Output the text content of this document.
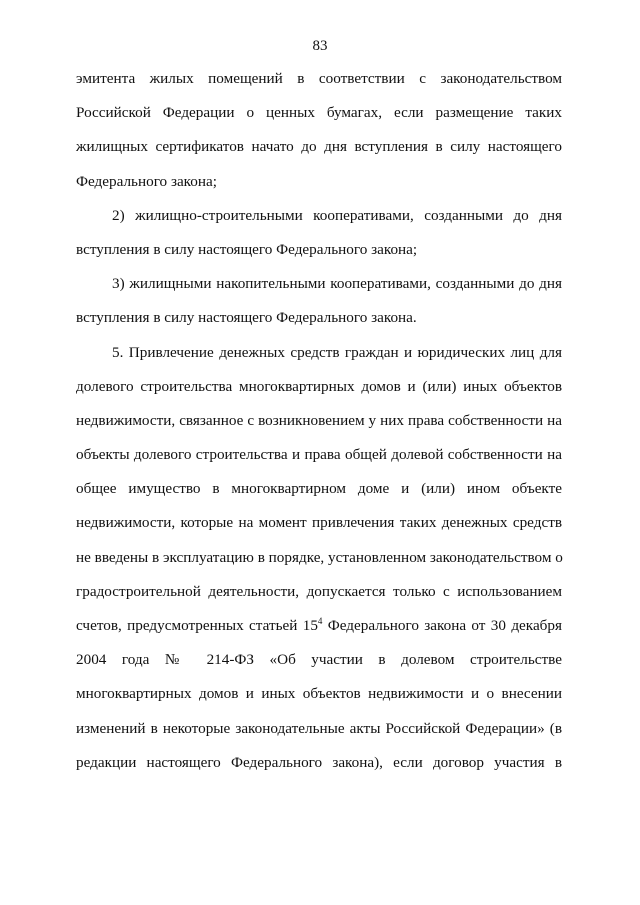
83
эмитента жилых помещений в соответствии с законодательством
Российской Федерации о ценных бумагах, если размещение таких
жилищных сертификатов начато до дня вступления в силу настоящего
Федерального закона;
2) жилищно-строительными кооперативами, созданными до дня
вступления в силу настоящего Федерального закона;
3) жилищными накопительными кооперативами, созданными до дня
вступления в силу настоящего Федерального закона.
5. Привлечение денежных средств граждан и юридических лиц для
долевого строительства многоквартирных домов и (или) иных объектов
недвижимости, связанное с возникновением у них права собственности на
объекты долевого строительства и права общей долевой собственности на
общее имущество в многоквартирном доме и (или) ином объекте
недвижимости, которые на момент привлечения таких денежных средств
не введены в эксплуатацию в порядке, установленном законодательством о
градостроительной деятельности, допускается только с использованием
счетов, предусмотренных статьей $15^4$ Федерального закона от 30 декабря
2004 года № 214-ФЗ «Об участии в долевом строительстве
многоквартирных домов и иных объектов недвижимости и о внесении
изменений в некоторые законодательные акты Российской Федерации» (в
редакции настоящего Федерального закона), если договор участия в
